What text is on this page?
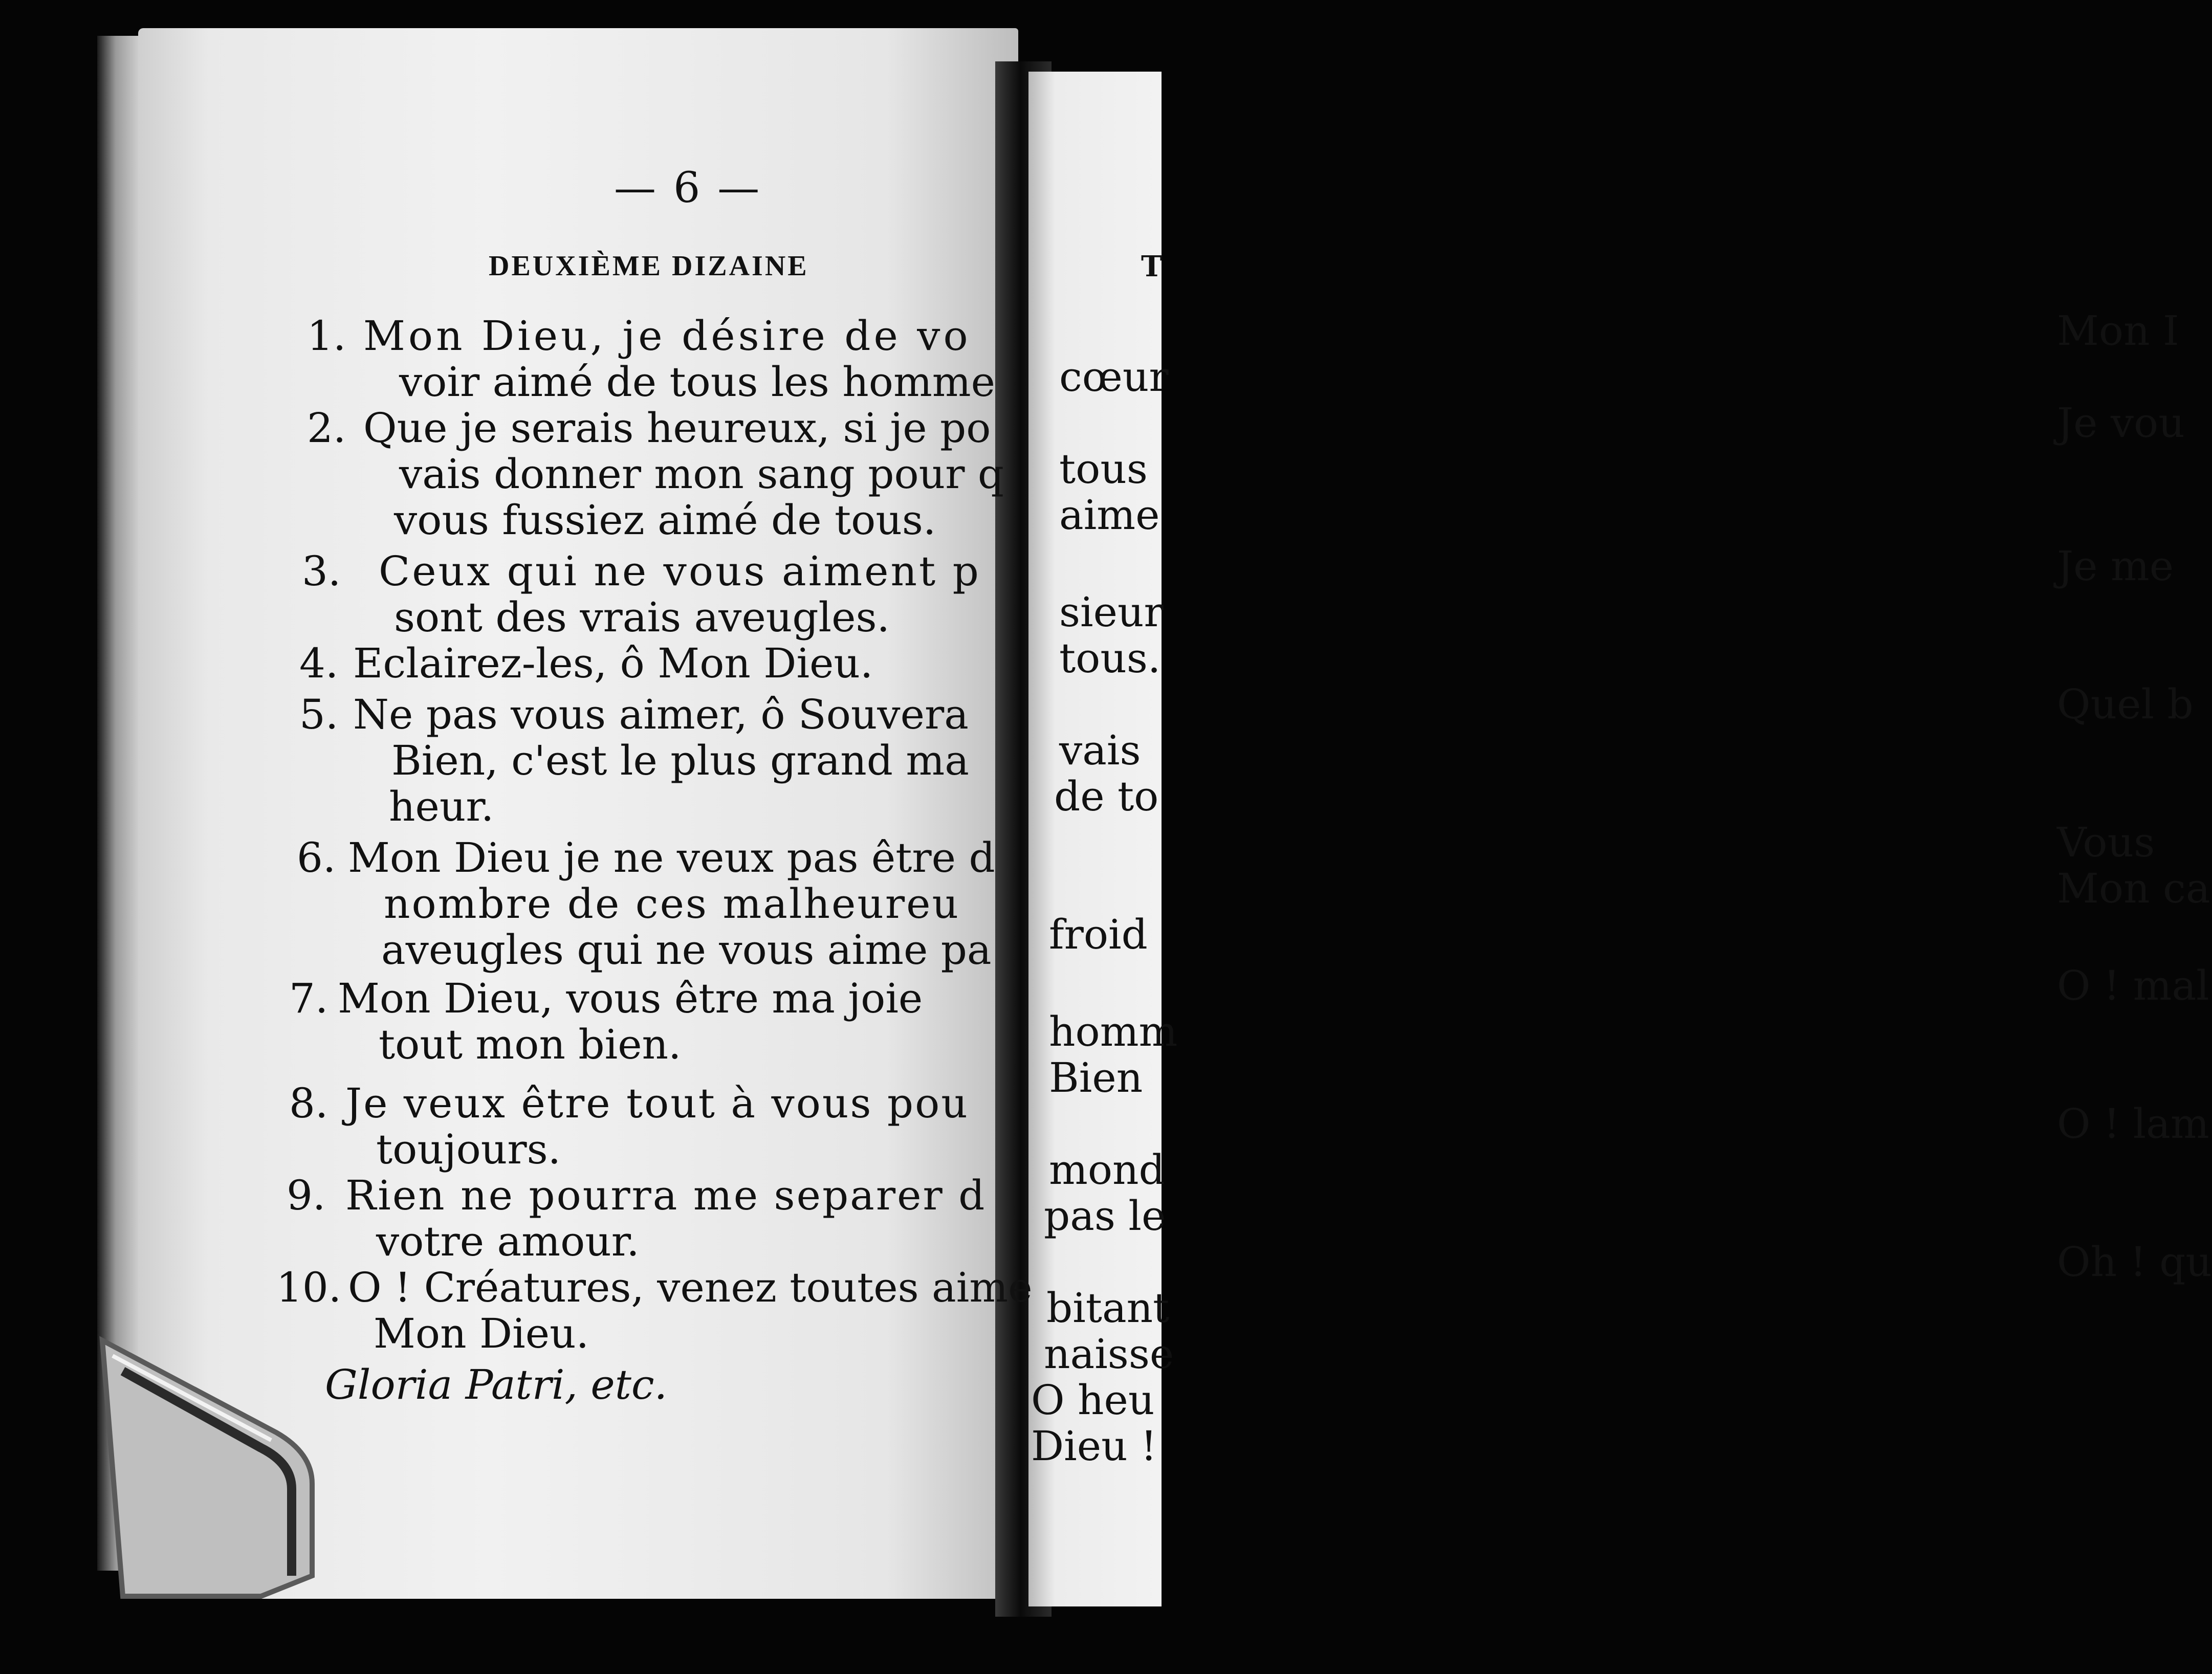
— 6 —
DEUXIÈME DIZAINE
1. Mon Dieu, je désire de vo
voir aimé de tous les homme
2. Que je serais heureux, si je po
vais donner mon sang pour q
vous fussiez aimé de tous.
3. Ceux qui ne vous aiment p
sont des vrais aveugles.
4. Eclairez-les, ô Mon Dieu.
5. Ne pas vous aimer, ô Souvera
Bien, c'est le plus grand ma
heur.
6. Mon Dieu je ne veux pas être d
nombre de ces malheureu
aveugles qui ne vous aime pa
7. Mon Dieu, vous être ma joie
tout mon bien.
8. Je veux être tout à vous pou
toujours.
9. Rien ne pourra me separer d
votre amour.
10. O ! Créatures, venez toutes aime
Mon Dieu.
Gloria Patri, etc.
T
Mon I
cœur
Je vou
tous
aime
Je me
sieur
tous.
Quel b
vais
de to
Vous
Mon ca
froid
O ! mal
homm
Bien
O ! lam
mond
pas le
Oh ! qu
bitant
naisse
O heu
Dieu !
